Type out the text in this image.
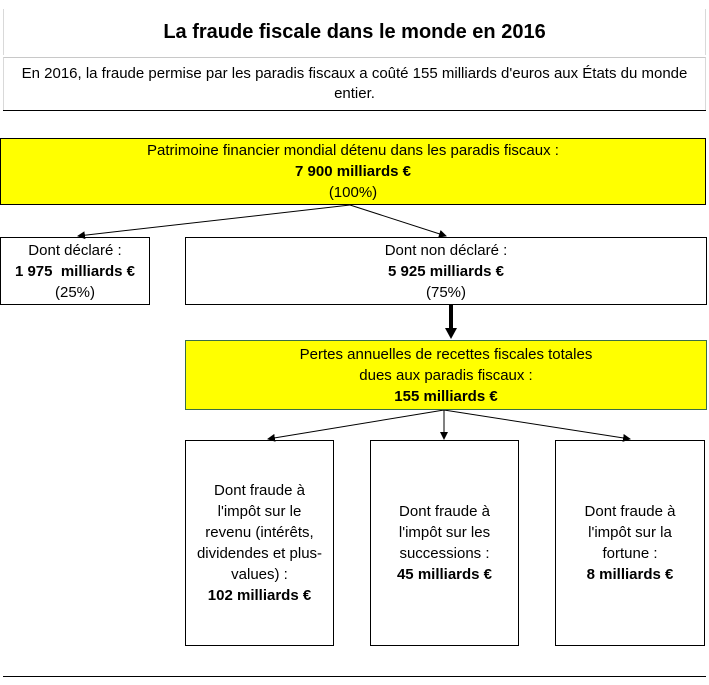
La fraude fiscale dans le monde en 2016
En 2016, la fraude permise par les paradis fiscaux a coûté 155 milliards d'euros aux États du monde entier.
Patrimoine financier mondial détenu dans les paradis fiscaux :
7 900 milliards €
(100%)
Dont déclaré :
1 975  milliards €
(25%)
Dont non déclaré :
5 925 milliards €
(75%)
Pertes annuelles de recettes fiscales totales
dues aux paradis fiscaux :
155 milliards €
Dont fraude à
l'impôt sur le
revenu (intérêts,
dividendes et plus-
values) :
102 milliards €
Dont fraude à
l'impôt sur les
successions :
45 milliards €
Dont fraude à
l'impôt sur la
fortune :
8 milliards €
